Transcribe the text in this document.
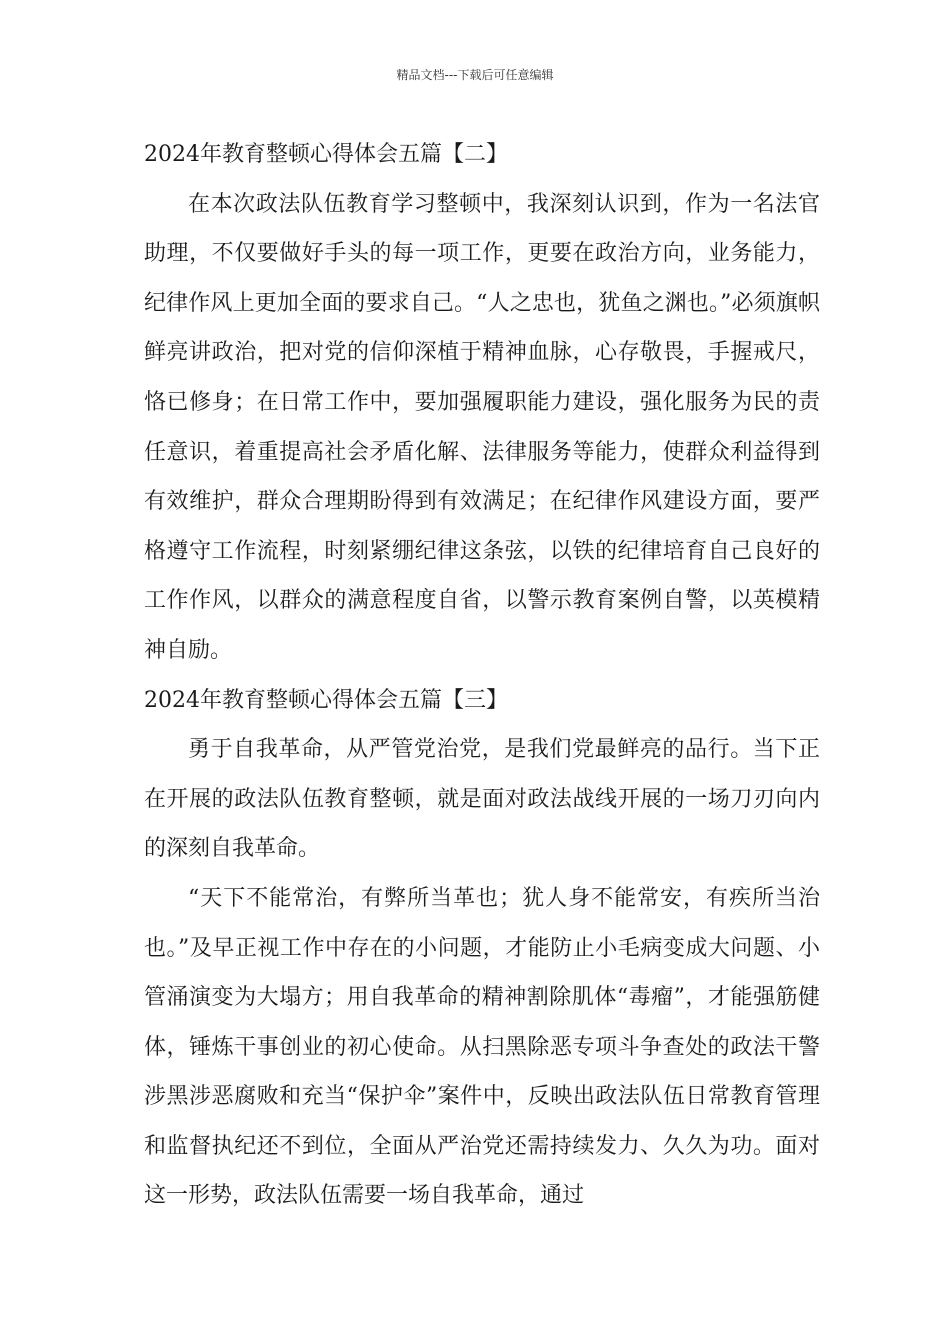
精品文档---下载后可任意编辑

2024年教育整顿心得体会五篇【二】

在本次政法队伍教育学习整顿中，我深刻认识到，作为一名法官助理，不仅要做好手头的每一项工作，更要在政治方向，业务能力，纪律作风上更加全面的要求自己。“人之忠也，犹鱼之渊也。”必须旗帜鲜亮讲政治，把对党的信仰深植于精神血脉，心存敬畏，手握戒尺，恪已修身；在日常工作中，要加强履职能力建设，强化服务为民的责任意识，着重提高社会矛盾化解、法律服务等能力，使群众利益得到有效维护，群众合理期盼得到有效满足；在纪律作风建设方面，要严格遵守工作流程，时刻紧绷纪律这条弦，以铁的纪律培育自己良好的工作作风，以群众的满意程度自省，以警示教育案例自警，以英模精神自励。

2024年教育整顿心得体会五篇【三】

勇于自我革命，从严管党治党，是我们党最鲜亮的品行。当下正在开展的政法队伍教育整顿，就是面对政法战线开展的一场刀刃向内的深刻自我革命。

“天下不能常治，有弊所当革也；犹人身不能常安，有疾所当治也。”及早正视工作中存在的小问题，才能防止小毛病变成大问题、小管涌演变为大塌方；用自我革命的精神割除肌体“毒瘤”，才能强筋健体，锤炼干事创业的初心使命。从扫黑除恶专项斗争查处的政法干警涉黑涉恶腐败和充当“保护伞”案件中，反映出政法队伍日常教育管理和监督执纪还不到位，全面从严治党还需持续发力、久久为功。面对这一形势，政法队伍需要一场自我革命，通过
